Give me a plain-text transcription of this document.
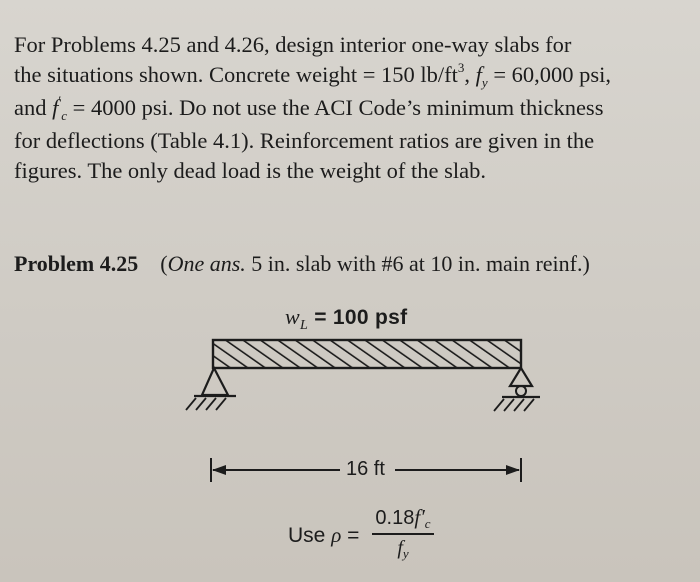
For Problems 4.25 and 4.26, design interior one-way slabs for
the situations shown. Concrete weight = 150 $lb/ft^3$, $f_y = 60,000$ psi,
and $f'_c = 4000$ psi. Do not use the ACI Code’s minimum thickness
for deflections (Table 4.1). Reinforcement ratios are given in the
figures. The only dead load is the weight of the slab.
Problem 4.25 (One ans. 5 in. slab with #6 at 10 in. main reinf.)
$w_L = 100$ psf
16 ft
Use ρ =
$0.18f'_c$
$f_y$
